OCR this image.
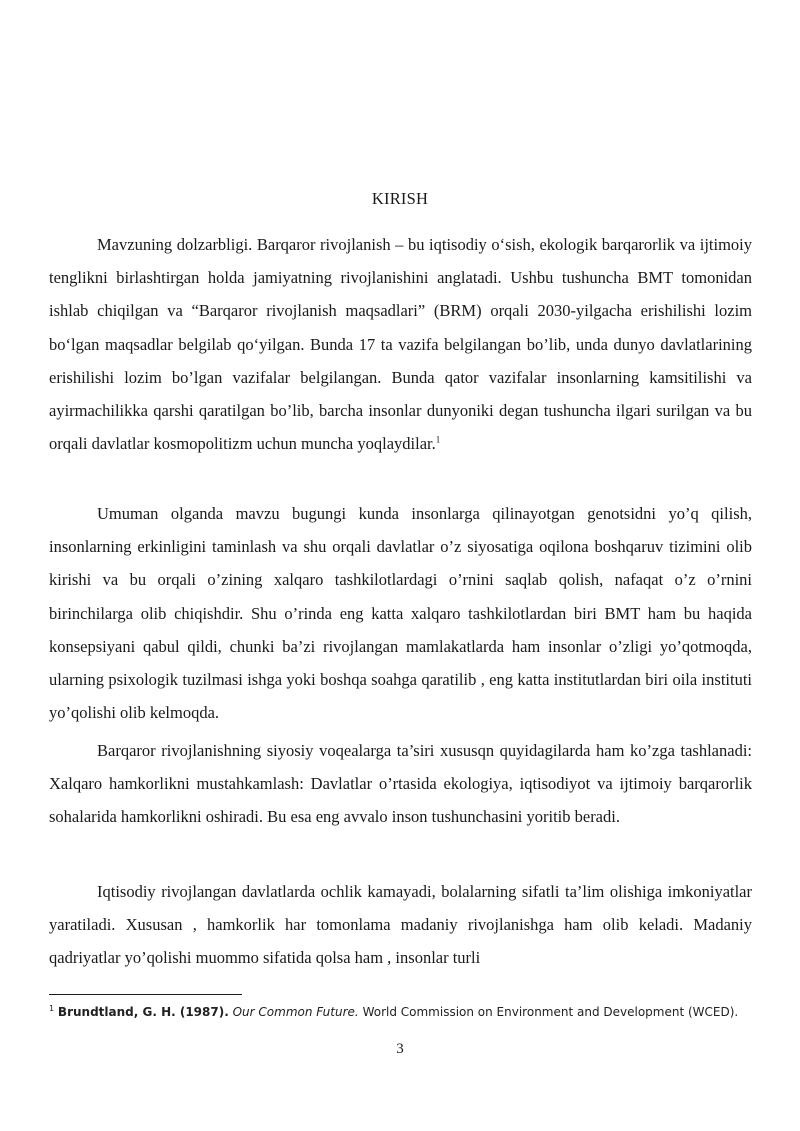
KIRISH

Mavzuning dolzarbligi. Barqaror rivojlanish – bu iqtisodiy o‘sish, ekologik barqarorlik va ijtimoiy tenglikni birlashtirgan holda jamiyatning rivojlanishini anglatadi. Ushbu tushuncha BMT tomonidan ishlab chiqilgan va “Barqaror rivojlanish maqsadlari” (BRM) orqali 2030-yilgacha erishilishi lozim bo‘lgan maqsadlar belgilab qo‘yilgan. Bunda 17 ta vazifa belgilangan bo’lib, unda dunyo davlatlarining erishilishi lozim bo’lgan vazifalar belgilangan. Bunda qator vazifalar insonlarning kamsitilishi va ayirmachilikka qarshi qaratilgan bo’lib, barcha insonlar dunyoniki degan tushuncha ilgari surilgan va bu orqali davlatlar kosmopolitizm uchun muncha yoqlaydilar.$^1$

Umuman olganda mavzu bugungi kunda insonlarga qilinayotgan genotsidni yo’q qilish, insonlarning erkinligini taminlash va shu orqali davlatlar o’z siyosatiga oqilona boshqaruv tizimini olib kirishi va bu orqali o’zining xalqaro tashkilotlardagi o’rnini saqlab qolish, nafaqat o’z o’rnini birinchilarga olib chiqishdir. Shu o’rinda eng katta xalqaro tashkilotlardan biri BMT ham bu haqida konsepsiyani qabul qildi, chunki ba’zi rivojlangan mamlakatlarda ham insonlar o’zligi yo’qotmoqda, ularning psixologik tuzilmasi ishga yoki boshqa soahga qaratilib , eng katta institutlardan biri oila instituti yo’qolishi olib kelmoqda.

Barqaror rivojlanishning siyosiy voqealarga ta’siri xususqn quyidagilarda ham ko’zga tashlanadi: Xalqaro hamkorlikni mustahkamlash: Davlatlar o’rtasida ekologiya, iqtisodiyot va ijtimoiy barqarorlik sohalarida hamkorlikni oshiradi. Bu esa eng avvalo inson tushunchasini yoritib beradi.

Iqtisodiy rivojlangan davlatlarda ochlik kamayadi, bolalarning sifatli ta’lim olishiga imkoniyatlar yaratiladi. Xususan , hamkorlik har tomonlama madaniy rivojlanishga ham olib keladi. Madaniy qadriyatlar yo’qolishi muommo sifatida qolsa ham , insonlar turli

$^1$ Brundtland, G. H. (1987). Our Common Future. World Commission on Environment and Development (WCED).
3
